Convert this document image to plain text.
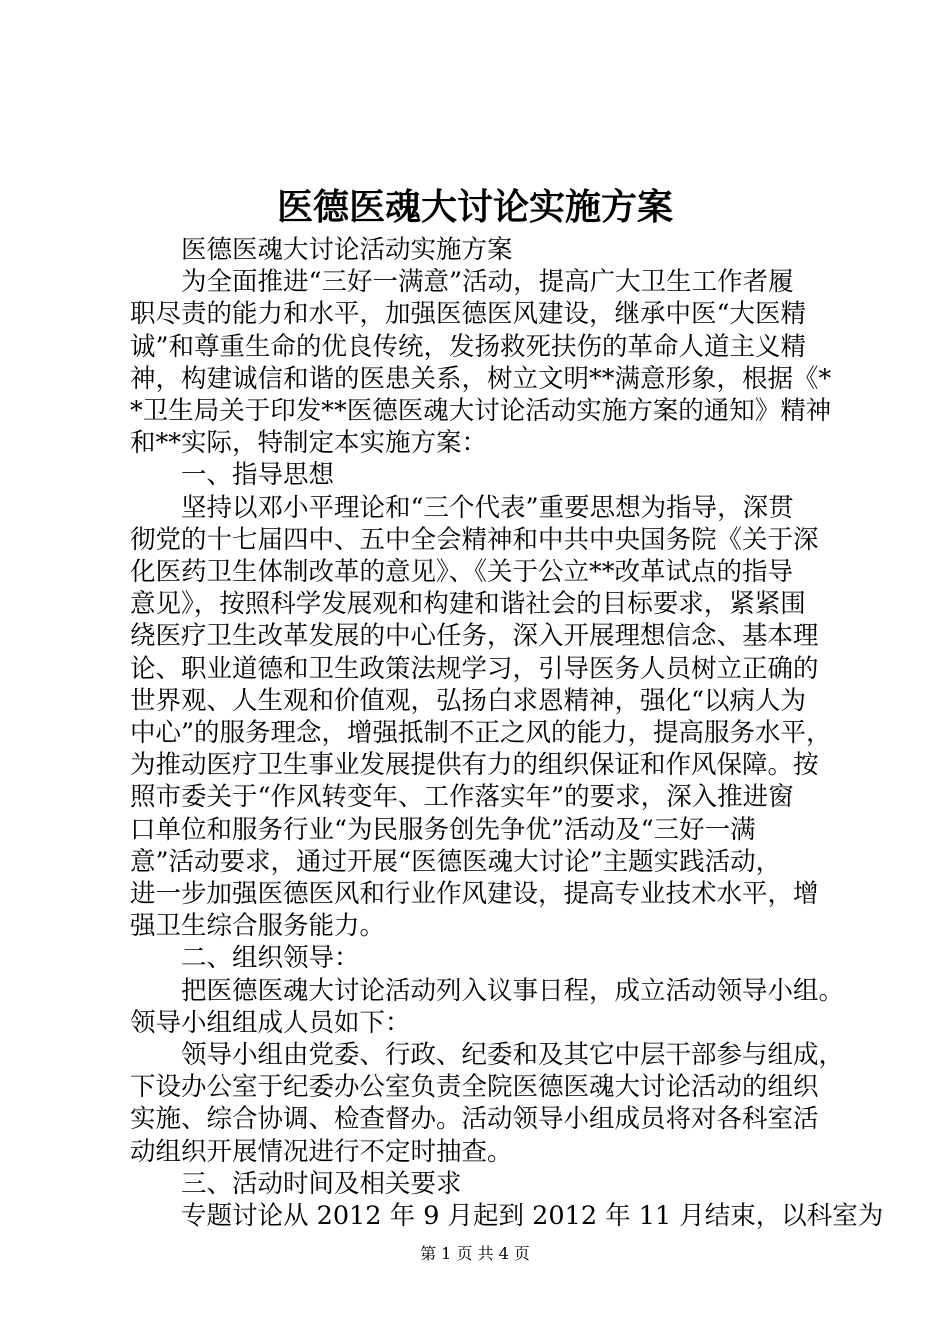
医德医魂大讨论实施方案

医德医魂大讨论活动实施方案

为全面推进“三好一满意”活动，提高广大卫生工作者履
职尽责的能力和水平，加强医德医风建设，继承中医“大医精
诚”和尊重生命的优良传统，发扬救死扶伤的革命人道主义精
神，构建诚信和谐的医患关系，树立文明**满意形象，根据《*
*卫生局关于印发**医德医魂大讨论活动实施方案的通知》精神
和**实际，特制定本实施方案：

一、指导思想

坚持以邓小平理论和“三个代表”重要思想为指导，深贯
彻党的十七届四中、五中全会精神和中共中央国务院《关于深
化医药卫生体制改革的意见》、《关于公立**改革试点的指导
意见》，按照科学发展观和构建和谐社会的目标要求，紧紧围
绕医疗卫生改革发展的中心任务，深入开展理想信念、基本理
论、职业道德和卫生政策法规学习，引导医务人员树立正确的
世界观、人生观和价值观，弘扬白求恩精神，强化“以病人为
中心”的服务理念，增强抵制不正之风的能力，提高服务水平，
为推动医疗卫生事业发展提供有力的组织保证和作风保障。按
照市委关于“作风转变年、工作落实年”的要求，深入推进窗
口单位和服务行业“为民服务创先争优”活动及“三好一满
意”活动要求，通过开展“医德医魂大讨论”主题实践活动，
进一步加强医德医风和行业作风建设，提高专业技术水平，增
强卫生综合服务能力。

二、组织领导：

把医德医魂大讨论活动列入议事日程，成立活动领导小组。
领导小组组成人员如下：

领导小组由党委、行政、纪委和及其它中层干部参与组成，
下设办公室于纪委办公室负责全院医德医魂大讨论活动的组织
实施、综合协调、检查督办。活动领导小组成员将对各科室活
动组织开展情况进行不定时抽查。

三、活动时间及相关要求

专题讨论从 2012 年 9 月起到 2012 年 11 月结束，以科室为

第 1 页 共 4 页
